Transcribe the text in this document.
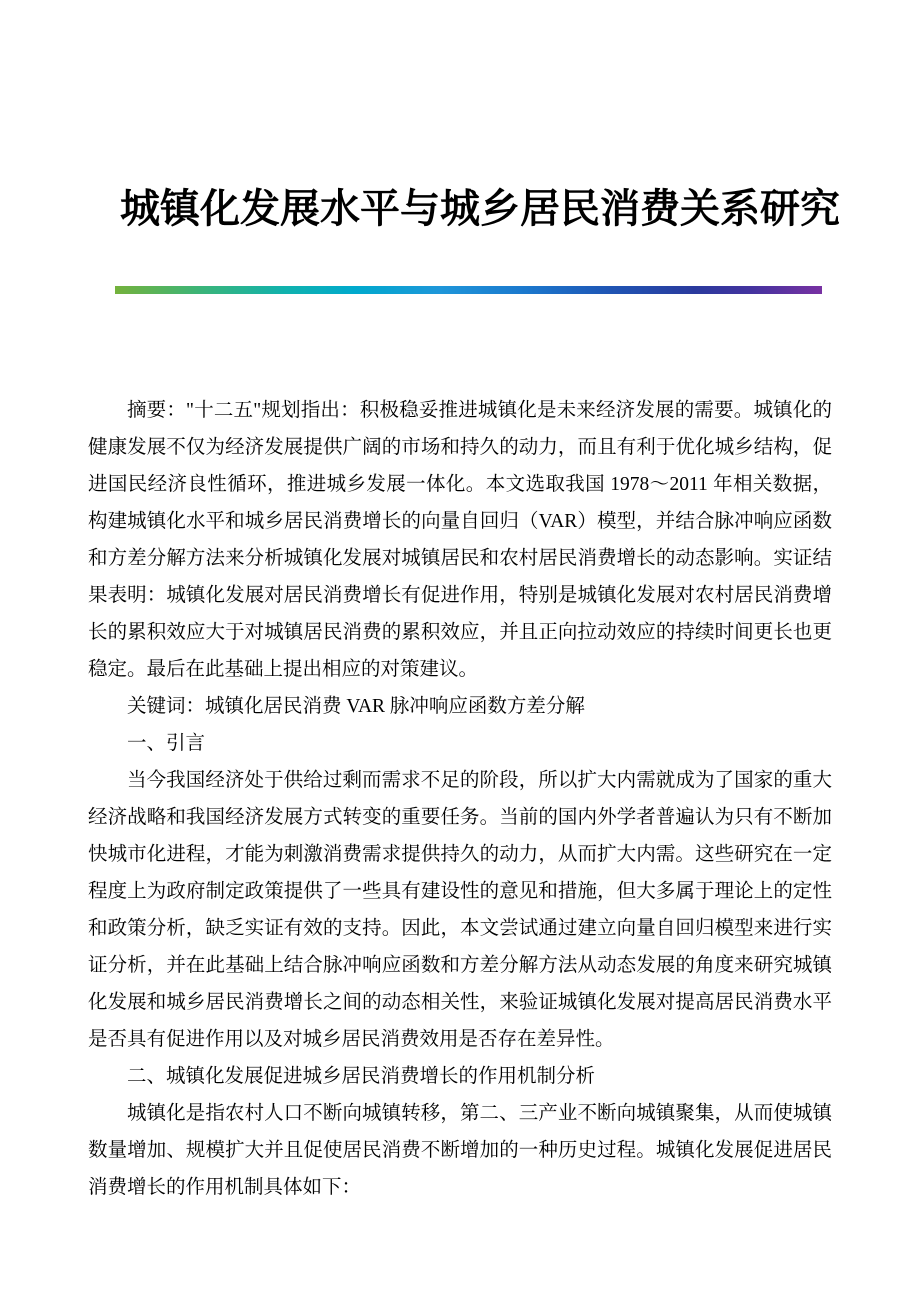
城镇化发展水平与城乡居民消费关系研究

摘要："十二五"规划指出：积极稳妥推进城镇化是未来经济发展的需要。城镇化的健康发展不仅为经济发展提供广阔的市场和持久的动力，而且有利于优化城乡结构，促进国民经济良性循环，推进城乡发展一体化。本文选取我国 1978～2011 年相关数据，构建城镇化水平和城乡居民消费增长的向量自回归（VAR）模型，并结合脉冲响应函数和方差分解方法来分析城镇化发展对城镇居民和农村居民消费增长的动态影响。实证结果表明：城镇化发展对居民消费增长有促进作用，特别是城镇化发展对农村居民消费增长的累积效应大于对城镇居民消费的累积效应，并且正向拉动效应的持续时间更长也更稳定。最后在此基础上提出相应的对策建议。

关键词：城镇化居民消费 VAR 脉冲响应函数方差分解

一、引言

当今我国经济处于供给过剩而需求不足的阶段，所以扩大内需就成为了国家的重大经济战略和我国经济发展方式转变的重要任务。当前的国内外学者普遍认为只有不断加快城市化进程，才能为刺激消费需求提供持久的动力，从而扩大内需。这些研究在一定程度上为政府制定政策提供了一些具有建设性的意见和措施，但大多属于理论上的定性和政策分析，缺乏实证有效的支持。因此，本文尝试通过建立向量自回归模型来进行实证分析，并在此基础上结合脉冲响应函数和方差分解方法从动态发展的角度来研究城镇化发展和城乡居民消费增长之间的动态相关性，来验证城镇化发展对提高居民消费水平是否具有促进作用以及对城乡居民消费效用是否存在差异性。

二、城镇化发展促进城乡居民消费增长的作用机制分析

城镇化是指农村人口不断向城镇转移，第二、三产业不断向城镇聚集，从而使城镇数量增加、规模扩大并且促使居民消费不断增加的一种历史过程。城镇化发展促进居民消费增长的作用机制具体如下：
